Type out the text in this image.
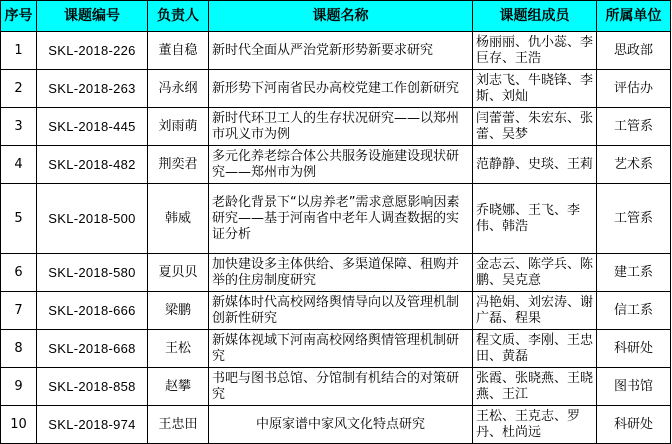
序号	课题编号	负责人	课题名称	课题组成员	所属单位
1	SKL-2018-226	董自稳	新时代全面从严治党新形势新要求研究	杨丽丽、仇小蕊、李巨存、王浩	思政部
2	SKL-2018-263	冯永纲	新形势下河南省民办高校党建工作创新研究	刘志飞、牛晓锋、李斯、刘灿	评估办
3	SKL-2018-445	刘雨萌	新时代环卫工人的生存状况研究——以郑州市巩义市为例	闫蕾蕾、朱宏东、张蕾、吴梦	工管系
4	SKL-2018-482	荆奕君	多元化养老综合体公共服务设施建设现状研究——郑州市为例	范静静、史琰、王莉	艺术系
5	SKL-2018-500	韩威	老龄化背景下“以房养老”需求意愿影响因素研究——基于河南省中老年人调查数据的实证分析	乔晓娜、王飞、李伟、韩浩	工管系
6	SKL-2018-580	夏贝贝	加快建设多主体供给、多渠道保障、租购并举的住房制度研究	金志云、陈学兵、陈鹏、吴克意	建工系
7	SKL-2018-666	梁鹏	新媒体时代高校网络舆情导向以及管理机制创新性研究	冯艳娟、刘宏涛、谢广磊、程果	信工系
8	SKL-2018-668	王松	新媒体视域下河南高校网络舆情管理机制研究	程文质、李刚、王忠田、黄磊	科研处
9	SKL-2018-858	赵攀	书吧与图书总馆、分馆制有机结合的对策研究	张霞、张晓燕、王晓燕、王江	图书馆
10	SKL-2018-974	王忠田	中原家谱中家风文化特点研究	王松、王克志、罗丹、杜尚远	科研处
